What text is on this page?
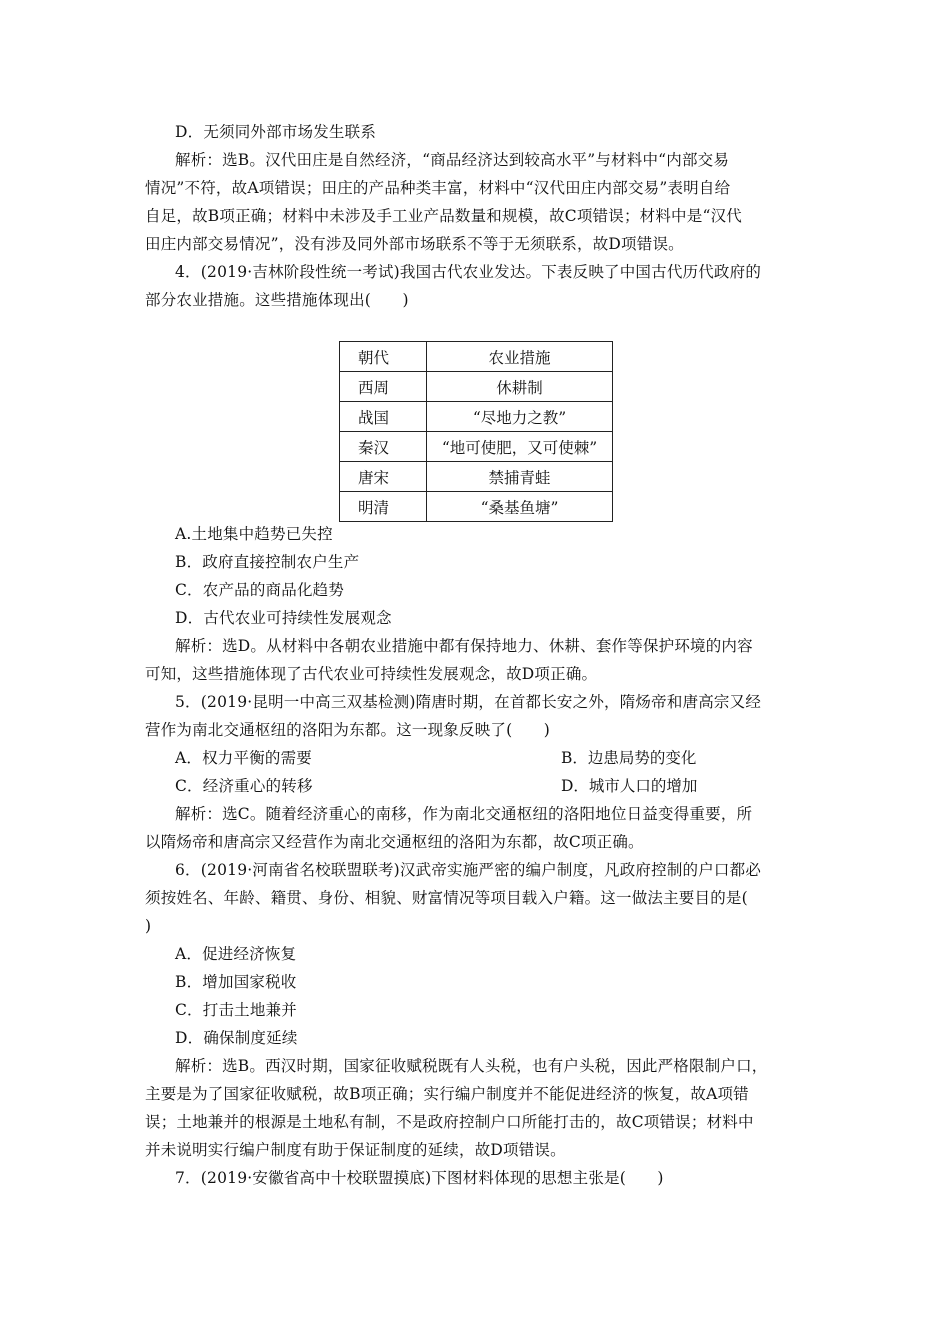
D．无须同外部市场发生联系
解析：选B。汉代田庄是自然经济，“商品经济达到较高水平”与材料中“内部交易
情况”不符，故A项错误；田庄的产品种类丰富，材料中“汉代田庄内部交易”表明自给
自足，故B项正确；材料中未涉及手工业产品数量和规模，故C项错误；材料中是“汉代
田庄内部交易情况”，没有涉及同外部市场联系不等于无须联系，故D项错误。
4．(2019·吉林阶段性统一考试)我国古代农业发达。下表反映了中国古代历代政府的
部分农业措施。这些措施体现出(　　)
朝代	农业措施
西周	休耕制
战国	“尽地力之教”
秦汉	“地可使肥，又可使棘”
唐宋	禁捕青蛙
明清	“桑基鱼塘”
A.土地集中趋势已失控
B．政府直接控制农户生产
C．农产品的商品化趋势
D．古代农业可持续性发展观念
解析：选D。从材料中各朝农业措施中都有保持地力、休耕、套作等保护环境的内容
可知，这些措施体现了古代农业可持续性发展观念，故D项正确。
5．(2019·昆明一中高三双基检测)隋唐时期，在首都长安之外，隋炀帝和唐高宗又经
营作为南北交通枢纽的洛阳为东都。这一现象反映了(　　)
A．权力平衡的需要	B．边患局势的变化
C．经济重心的转移	D．城市人口的增加
解析：选C。随着经济重心的南移，作为南北交通枢纽的洛阳地位日益变得重要，所
以隋炀帝和唐高宗又经营作为南北交通枢纽的洛阳为东都，故C项正确。
6．(2019·河南省名校联盟联考)汉武帝实施严密的编户制度，凡政府控制的户口都必
须按姓名、年龄、籍贯、身份、相貌、财富情况等项目载入户籍。这一做法主要目的是(
)
A．促进经济恢复
B．增加国家税收
C．打击土地兼并
D．确保制度延续
解析：选B。西汉时期，国家征收赋税既有人头税，也有户头税，因此严格限制户口，
主要是为了国家征收赋税，故B项正确；实行编户制度并不能促进经济的恢复，故A项错
误；土地兼并的根源是土地私有制，不是政府控制户口所能打击的，故C项错误；材料中
并未说明实行编户制度有助于保证制度的延续，故D项错误。
7．(2019·安徽省高中十校联盟摸底)下图材料体现的思想主张是(　　)
